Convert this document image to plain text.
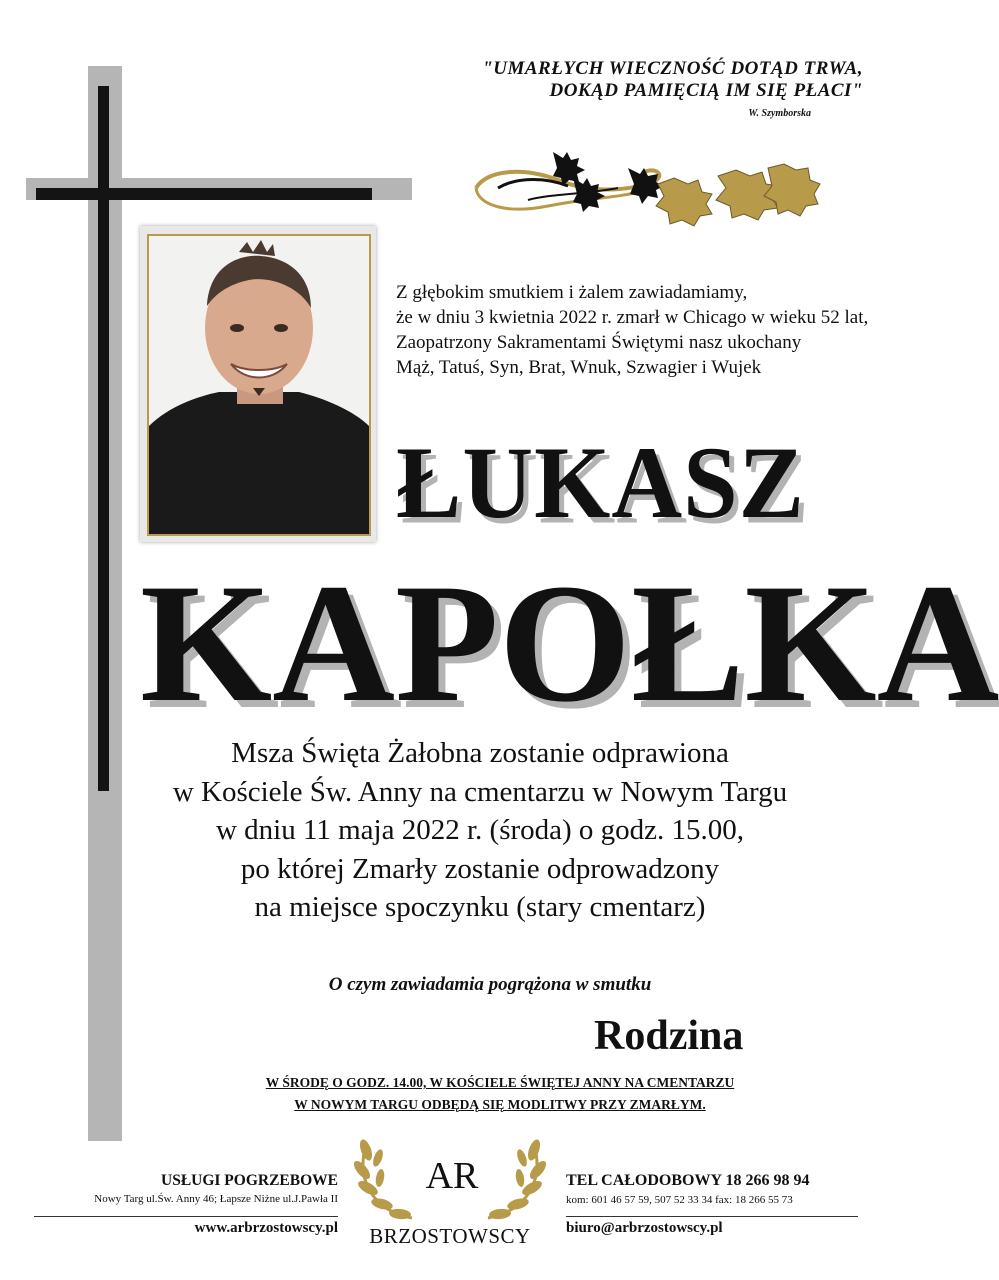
"UMARŁYCH WIECZNOŚĆ DOTĄD TRWA,
DOKĄD PAMIĘCIĄ IM SIĘ PŁACI"
W. Szymborska
Z głębokim smutkiem i żalem zawiadamiamy,
że w dniu 3 kwietnia 2022 r. zmarł w Chicago w wieku 52 lat,
Zaopatrzony Sakramentami Świętymi nasz ukochany
Mąż, Tatuś, Syn, Brat, Wnuk, Szwagier i Wujek
ŁUKASZ
KAPOŁKA
Msza Święta Żałobna zostanie odprawiona
w Kościele Św. Anny na cmentarzu w Nowym Targu
w dniu 11 maja 2022 r. (środa) o godz. 15.00,
po której Zmarły zostanie odprowadzony
na miejsce spoczynku (stary cmentarz)
O czym zawiadamia pogrążona w smutku
Rodzina
W ŚRODĘ O GODZ. 14.00, W KOŚCIELE ŚWIĘTEJ ANNY NA CMENTARZU
W NOWYM TARGU ODBĘDĄ SIĘ MODLITWY PRZY ZMARŁYM.
USŁUGI POGRZEBOWE
Nowy Targ ul.Św. Anny 46; Łapsze Niżne ul.J.Pawła II
www.arbrzostowscy.pl
AR
BRZOSTOWSCY
TEL CAŁODOBOWY 18 266 98 94
kom: 601 46 57 59, 507 52 33 34 fax: 18 266 55 73
biuro@arbrzostowscy.pl
